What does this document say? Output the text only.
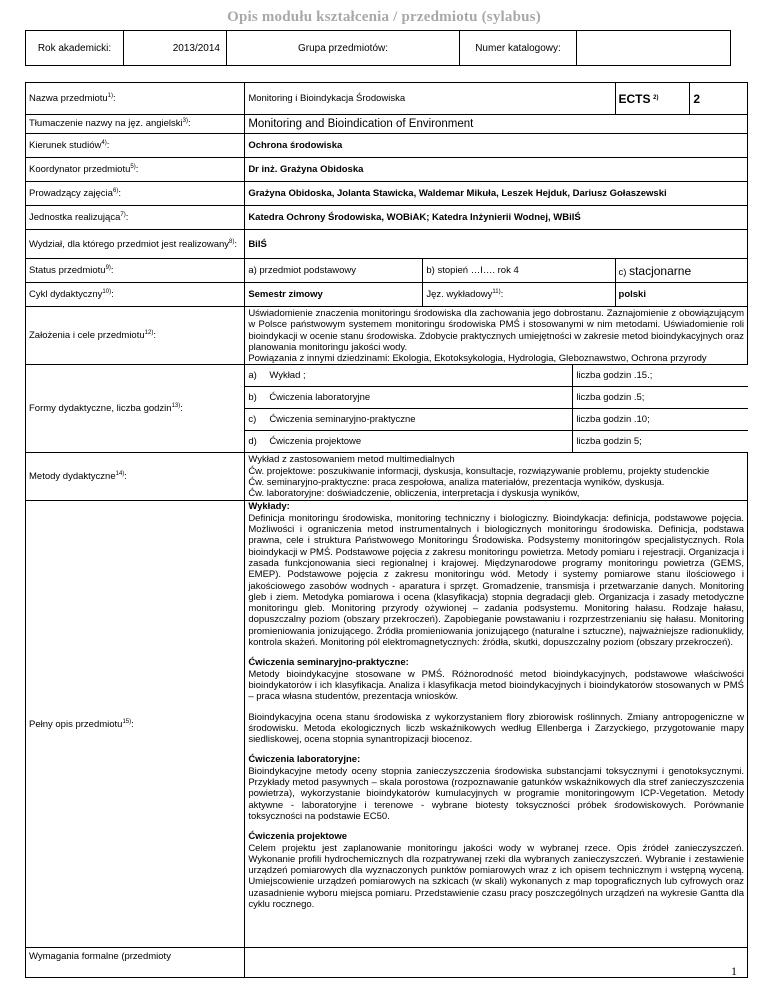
Opis modułu kształcenia / przedmiotu (sylabus)
Rok akademicki:	2013/2014	Grupa przedmiotów:	Numer katalogowy:	
Nazwa przedmiotu$^{1)}$:	Monitoring i Bioindykacja Środowiska	ECTS $^{2)}$	2
Tłumaczenie nazwy na jęz. angielski$^{3)}$:	Monitoring and Bioindication of Environment
Kierunek studiów$^{4)}$:	Ochrona środowiska
Koordynator przedmiotu$^{5)}$:	Dr inż. Grażyna Obidoska
Prowadzący zajęcia$^{6)}$:	Grażyna Obidoska, Jolanta Stawicka, Waldemar Mikuła, Leszek Hejduk, Dariusz Gołaszewski
Jednostka realizująca$^{7)}$:	Katedra Ochrony Środowiska, WOBiAK; Katedra Inżynierii Wodnej, WBiIŚ
Wydział, dla którego przedmiot jest realizowany$^{8)}$:	BiIŚ
Status przedmiotu$^{9)}$:	a) przedmiot podstawowy	b) stopień …I…. rok 4	c) stacjonarne
Cykl dydaktyczny$^{10)}$:	Semestr zimowy	Jęz. wykładowy$^{11)}$:	polski
Założenia i cele przedmiotu$^{12)}$:	
Uświadomienie znaczenia monitoringu środowiska dla zachowania jego dobrostanu. Zaznajomienie z obowiązującym w Polsce państwowym systemem monitoringu środowiska PMŚ i stosowanymi w nim metodami. Uświadomienie roli bioindykacji w ocenie stanu środowiska. Zdobycie praktycznych umiejętności w zakresie metod bioindykacyjnych oraz planowania monitoringu jakości wody.
Powiązania z innymi dziedzinami: Ekologia, Ekotoksykologia, Hydrologia, Gleboznawstwo, Ochrona przyrody

Formy dydaktyczne, liczba godzin$^{13)}$:	
a)	Wykład ;	liczba godzin .15.;
b)	Ćwiczenia laboratoryjne	liczba godzin .5;
c)	Ćwiczenia seminaryjno-praktyczne	liczba godzin .10;
d)	Ćwiczenia projektowe	liczba godzin 5;

Metody dydaktyczne$^{14)}$:	
Wykład z zastosowaniem metod multimedialnych
Ćw. projektowe: poszukiwanie informacji, dyskusja, konsultacje, rozwiązywanie problemu, projekty studenckie
Ćw. seminaryjno-praktyczne: praca zespołowa, analiza materiałów, prezentacja wyników, dyskusja.
Ćw. laboratoryjne: doświadczenie, obliczenia, interpretacja i dyskusja wyników,

Pełny opis przedmiotu$^{15)}$:	
Wykłady:
Definicja monitoringu środowiska, monitoring techniczny i biologiczny. Bioindykacja: definicja, podstawowe pojęcia. Możliwości i ograniczenia metod instrumentalnych i biologicznych monitoringu środowiska. Definicja, podstawa prawna, cele i struktura Państwowego Monitoringu Środowiska. Podsystemy monitoringów specjalistycznych. Rola bioindykacji w PMŚ. Podstawowe pojęcia z zakresu monitoringu powietrza. Metody pomiaru i rejestracji. Organizacja i zasada funkcjonowania sieci regionalnej i krajowej. Międzynarodowe programy monitoringu powietrza (GEMS, EMEP). Podstawowe pojęcia z zakresu monitoringu wód. Metody i systemy pomiarowe stanu ilościowego i jakościowego zasobów wodnych - aparatura i sprzęt. Gromadzenie, transmisja i przetwarzanie danych. Monitoring gleb i ziem. Metodyka pomiarowa i ocena (klasyfikacja) stopnia degradacji gleb. Organizacja i zasady metodyczne monitoringu gleb. Monitoring przyrody ożywionej – zadania podsystemu. Monitoring hałasu. Rodzaje hałasu, dopuszczalny poziom (obszary przekroczeń). Zapobieganie powstawaniu i rozprzestrzenianiu się hałasu. Monitoring promieniowania jonizującego. Źródła promieniowania jonizującego (naturalne i sztuczne), najważniejsze radionuklidy, kontrola skażeń. Monitoring pól elektromagnetycznych: źródła, skutki, dopuszczalny poziom (obszary przekroczeń).
Ćwiczenia seminaryjno-praktyczne:
Metody bioindykacyjne stosowane w PMŚ. Różnorodność metod bioindykacyjnych, podstawowe właściwości bioindykatorów i ich klasyfikacja. Analiza i klasyfikacja metod bioindykacyjnych i bioindykatorów stosowanych w PMŚ – praca własna studentów, prezentacja wniosków.
Bioindykacyjna ocena stanu środowiska z wykorzystaniem flory zbiorowisk roślinnych. Zmiany antropogeniczne w środowisku. Metoda ekologicznych liczb wskaźnikowych według Ellenberga i Zarzyckiego, przygotowanie mapy siedliskowej, ocena stopnia synantropizacji biocenoz.
Ćwiczenia laboratoryjne:
Bioindykacyjne metody oceny stopnia zanieczyszczenia środowiska substancjami toksycznymi i genotoksycznymi. Przykłady metod pasywnych – skala porostowa (rozpoznawanie gatunków wskaźnikowych dla stref zanieczyszczenia powietrza), wykorzystanie bioindykatorów kumulacyjnych w programie monitoringowym ICP-Vegetation. Metody aktywne - laboratoryjne i terenowe - wybrane biotesty toksyczności próbek środowiskowych. Porównanie toksyczności na podstawie EC50.
Ćwiczenia projektowe
Celem projektu jest zaplanowanie monitoringu jakości wody w wybranej rzece. Opis źródeł zanieczyszczeń. Wykonanie profili hydrochemicznych dla rozpatrywanej rzeki dla wybranych zanieczyszczeń. Wybranie i zestawienie urządzeń pomiarowych dla wyznaczonych punktów pomiarowych wraz z ich opisem technicznym i wstępną wyceną. Umiejscowienie urządzeń pomiarowych na szkicach (w skali) wykonanych z map topograficznych lub cyfrowych oraz uzasadnienie wyboru miejsca pomiaru. Przedstawienie czasu pracy poszczególnych urządzeń na wykresie Gantta dla cyklu rocznego.

Wymagania formalne (przedmioty	
1
